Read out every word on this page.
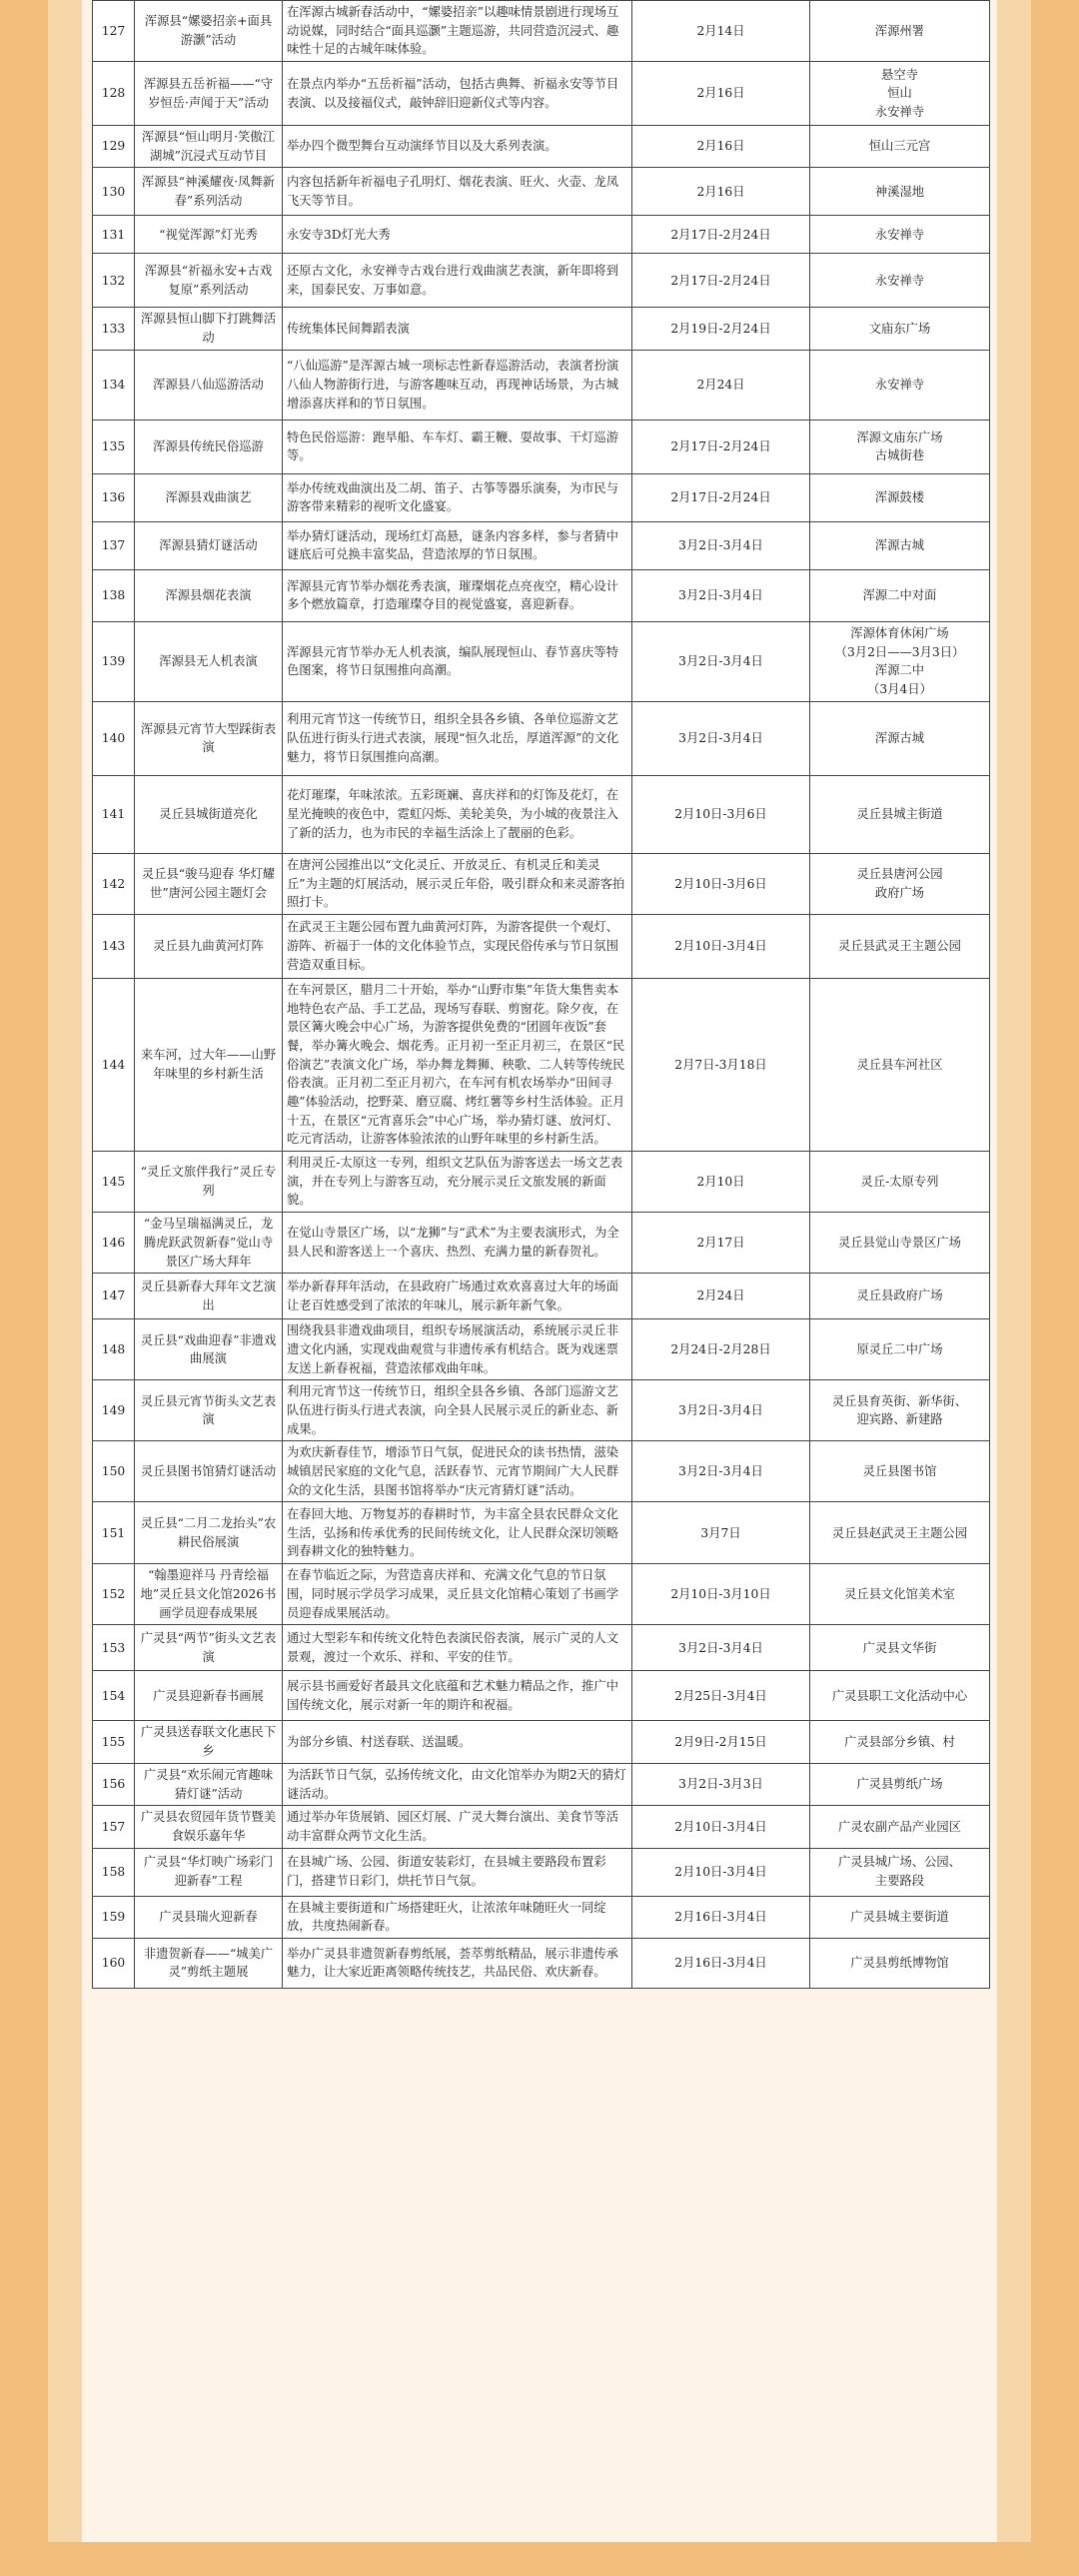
127	浑源县“嫘婆招亲+面具游灏”活动	在浑源古城新春活动中，“嫘婆招亲”以趣味情景剧进行现场互动说媒，同时结合“面具巡灏”主题巡游，共同营造沉浸式、趣味性十足的古城年味体验。	2月14日	浑源州署

128	浑源县五岳祈福——“守岁恒岳·声闻于天”活动	在景点内举办“五岳祈福”活动，包括古典舞、祈福永安等节目表演、以及接福仪式，敲钟辞旧迎新仪式等内容。	2月16日	悬空寺
恒山
永安禅寺

129	浑源县“恒山明月·笑傲江湖城”沉浸式互动节目	举办四个微型舞台互动演绎节目以及大系列表演。	2月16日	恒山三元宫

130	浑源县“神溪耀夜·凤舞新春”系列活动	内容包括新年祈福电子孔明灯、烟花表演、旺火、火壶、龙凤飞天等节目。	2月16日	神溪湿地

131	“视觉浑源”灯光秀	永安寺3D灯光大秀	2月17日-2月24日	永安禅寺

132	浑源县“祈福永安+古戏复原”系列活动	还原古文化，永安禅寺古戏台进行戏曲演艺表演，新年即将到来，国泰民安、万事如意。	2月17日-2月24日	永安禅寺

133	浑源县恒山脚下打跳舞活动	传统集体民间舞蹈表演	2月19日-2月24日	文庙东广场

134	浑源县八仙巡游活动	“八仙巡游”是浑源古城一项标志性新春巡游活动，表演者扮演八仙人物游街行进，与游客趣味互动，再现神话场景，为古城增添喜庆祥和的节日氛围。	2月24日	永安禅寺

135	浑源县传统民俗巡游	特色民俗巡游：跑旱船、车车灯、霸王鞭、耍故事、干灯巡游等。	2月17日-2月24日	浑源文庙东广场
古城街巷

136	浑源县戏曲演艺	举办传统戏曲演出及二胡、笛子、古筝等器乐演奏，为市民与游客带来精彩的视听文化盛宴。	2月17日-2月24日	浑源鼓楼

137	浑源县猜灯谜活动	举办猜灯谜活动，现场红灯高悬，谜条内容多样，参与者猜中谜底后可兑换丰富奖品，营造浓厚的节日氛围。	3月2日-3月4日	浑源古城

138	浑源县烟花表演	浑源县元宵节举办烟花秀表演，璀璨烟花点亮夜空，精心设计多个燃放篇章，打造璀璨夺目的视觉盛宴，喜迎新春。	3月2日-3月4日	浑源二中对面

139	浑源县无人机表演	浑源县元宵节举办无人机表演，编队展现恒山、春节喜庆等特色图案，将节日氛围推向高潮。	3月2日-3月4日	浑源体育休闲广场
（3月2日——3月3日）
浑源二中
（3月4日）

140	浑源县元宵节大型踩街表演	利用元宵节这一传统节日，组织全县各乡镇、各单位巡游文艺队伍进行街头行进式表演，展现“恒久北岳，厚道浑源”的文化魅力，将节日氛围推向高潮。	3月2日-3月4日	浑源古城

141	灵丘县城街道亮化	花灯璀璨，年味浓浓。五彩斑斓、喜庆祥和的灯饰及花灯，在星光掩映的夜色中，霓虹闪烁、美轮美奂，为小城的夜景注入了新的活力，也为市民的幸福生活涂上了靓丽的色彩。	2月10日-3月6日	灵丘县城主街道

142	灵丘县“骏马迎春 华灯耀世”唐河公园主题灯会	在唐河公园推出以“文化灵丘、开放灵丘、有机灵丘和美灵丘”为主题的灯展活动，展示灵丘年俗，吸引群众和来灵游客拍照打卡。	2月10日-3月6日	灵丘县唐河公园
政府广场

143	灵丘县九曲黄河灯阵	在武灵王主题公园布置九曲黄河灯阵，为游客提供一个观灯、游阵、祈福于一体的文化体验节点，实现民俗传承与节日氛围营造双重目标。	2月10日-3月4日	灵丘县武灵王主题公园

144	来车河，过大年——山野年味里的乡村新生活	在车河景区，腊月二十开始，举办“山野市集”年货大集售卖本地特色农产品、手工艺品，现场写春联、剪窗花。除夕夜，在景区篝火晚会中心广场，为游客提供免费的“团圆年夜饭”套餐，举办篝火晚会、烟花秀。正月初一至正月初三，在景区“民俗演艺”表演文化广场，举办舞龙舞狮、秧歌、二人转等传统民俗表演。正月初二至正月初六，在车河有机农场举办“田间寻趣”体验活动，挖野菜、磨豆腐、烤红薯等乡村生活体验。正月十五，在景区“元宵喜乐会”中心广场，举办猜灯谜、放河灯、吃元宵活动，让游客体验浓浓的山野年味里的乡村新生活。	2月7日-3月18日	灵丘县车河社区

145	“灵丘文旅伴我行”灵丘专列	利用灵丘-太原这一专列，组织文艺队伍为游客送去一场文艺表演，并在专列上与游客互动，充分展示灵丘文旅发展的新面貌。	2月10日	灵丘-太原专列

146	“金马呈瑞福满灵丘，龙腾虎跃武贺新春”觉山寺景区广场大拜年	在觉山寺景区广场，以“龙狮”与“武术”为主要表演形式，为全县人民和游客送上一个喜庆、热烈、充满力量的新春贺礼。	2月17日	灵丘县觉山寺景区广场

147	灵丘县新春大拜年文艺演出	举办新春拜年活动，在县政府广场通过欢欢喜喜过大年的场面让老百姓感受到了浓浓的年味儿，展示新年新气象。	2月24日	灵丘县政府广场

148	灵丘县“戏曲迎春”非遗戏曲展演	围绕我县非遗戏曲项目，组织专场展演活动，系统展示灵丘非遗文化内涵，实现戏曲观赏与非遗传承有机结合。既为戏迷票友送上新春祝福，营造浓郁戏曲年味。	2月24日-2月28日	原灵丘二中广场

149	灵丘县元宵节街头文艺表演	利用元宵节这一传统节日，组织全县各乡镇、各部门巡游文艺队伍进行街头行进式表演，向全县人民展示灵丘的新业态、新成果。	3月2日-3月4日	灵丘县育英街、新华街、
迎宾路、新建路

150	灵丘县图书馆猜灯谜活动	为欢庆新春佳节，增添节日气氛，促进民众的读书热情，滋染城镇居民家庭的文化气息，活跃春节、元宵节期间广大人民群众的文化生活，县图书馆将举办“庆元宵猜灯谜”活动。	3月2日-3月4日	灵丘县图书馆

151	灵丘县“二月二龙抬头”农耕民俗展演	在春回大地、万物复苏的春耕时节，为丰富全县农民群众文化生活，弘扬和传承优秀的民间传统文化，让人民群众深切领略到春耕文化的独特魅力。	3月7日	灵丘县赵武灵王主题公园

152	“翰墨迎祥马 丹青绘福地”灵丘县文化馆2026书画学员迎春成果展	在春节临近之际，为营造喜庆祥和、充满文化气息的节日氛围，同时展示学员学习成果，灵丘县文化馆精心策划了书画学员迎春成果展活动。	2月10日-3月10日	灵丘县文化馆美术室

153	广灵县“两节”街头文艺表演	通过大型彩车和传统文化特色表演民俗表演，展示广灵的人文景观，渡过一个欢乐、祥和、平安的佳节。	3月2日-3月4日	广灵县文华街

154	广灵县迎新春书画展	展示县书画爱好者最具文化底蕴和艺术魅力精品之作，推广中国传统文化，展示对新一年的期许和祝福。	2月25日-3月4日	广灵县职工文化活动中心

155	广灵县送春联文化惠民下乡	为部分乡镇、村送春联、送温暖。	2月9日-2月15日	广灵县部分乡镇、村

156	广灵县“欢乐闹元宵趣味猜灯谜”活动	为活跃节日气氛，弘扬传统文化，由文化馆举办为期2天的猜灯谜活动。	3月2日-3月3日	广灵县剪纸广场

157	广灵县农贸园年货节暨美食娱乐嘉年华	通过举办年货展销、园区灯展、广灵大舞台演出、美食节等活动丰富群众两节文化生活。	2月10日-3月4日	广灵农副产品产业园区

158	广灵县“华灯映广场彩门迎新春”工程	在县城广场、公园、街道安装彩灯，在县城主要路段布置彩门，搭建节日彩门，烘托节日气氛。	2月10日-3月4日	广灵县城广场、公园、
主要路段

159	广灵县瑞火迎新春	在县城主要街道和广场搭建旺火，让浓浓年味随旺火一同绽放，共度热闹新春。	2月16日-3月4日	广灵县城主要街道

160	非遗贺新春——“城美广灵”剪纸主题展	举办广灵县非遗贺新春剪纸展，荟萃剪纸精品，展示非遗传承魅力，让大家近距离领略传统技艺，共品民俗、欢庆新春。	2月16日-3月4日	广灵县剪纸博物馆
